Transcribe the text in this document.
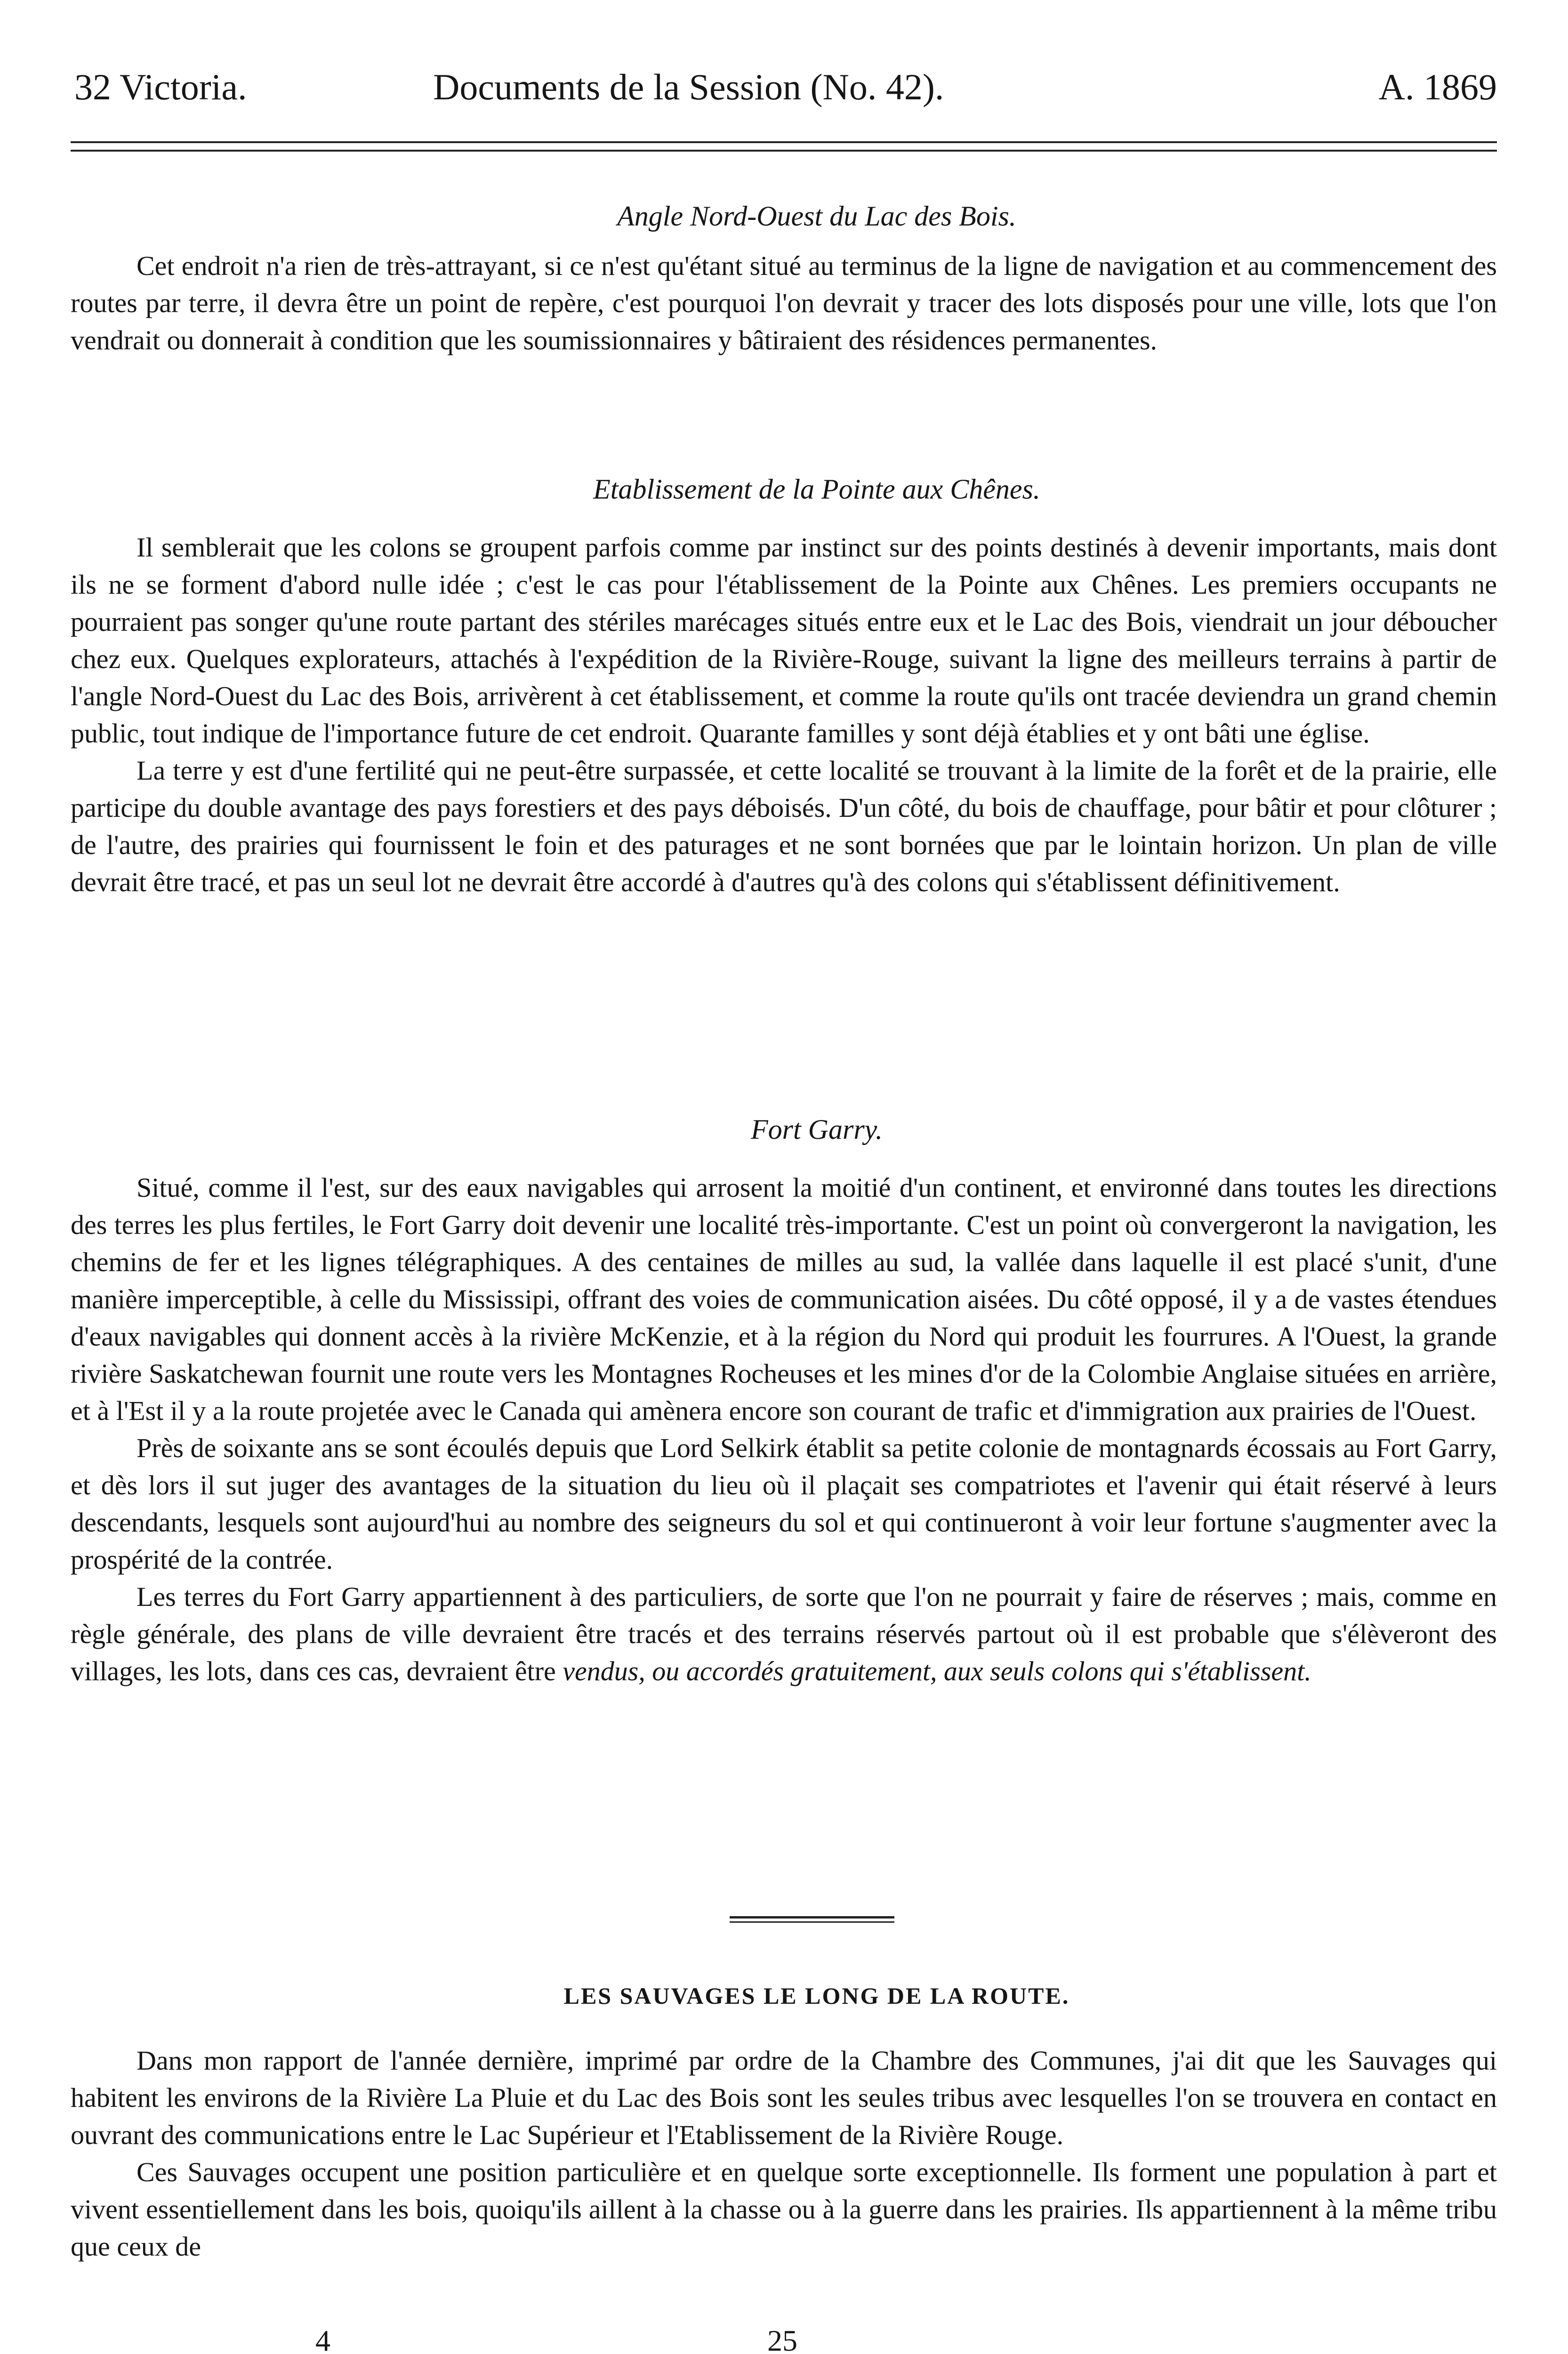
32 Victoria.	Documents de la Session (No. 42).	A. 1869

Angle Nord-Ouest du Lac des Bois.

Cet endroit n'a rien de très-attrayant, si ce n'est qu'étant situé au terminus de la ligne de navigation et au commencement des routes par terre, il devra être un point de repère, c'est pourquoi l'on devrait y tracer des lots disposés pour une ville, lots que l'on vendrait ou donnerait à condition que les soumissionnaires y bâtiraient des résidences permanentes.

Etablissement de la Pointe aux Chênes.

Il semblerait que les colons se groupent parfois comme par instinct sur des points destinés à devenir importants, mais dont ils ne se forment d'abord nulle idée ; c'est le cas pour l'établissement de la Pointe aux Chênes. Les premiers occupants ne pourraient pas songer qu'une route partant des stériles marécages situés entre eux et le Lac des Bois, viendrait un jour déboucher chez eux. Quelques explorateurs, attachés à l'expédition de la Rivière-Rouge, suivant la ligne des meilleurs terrains à partir de l'angle Nord-Ouest du Lac des Bois, arrivèrent à cet établissement, et comme la route qu'ils ont tracée deviendra un grand chemin public, tout indique de l'importance future de cet endroit. Quarante familles y sont déjà établies et y ont bâti une église.

La terre y est d'une fertilité qui ne peut-être surpassée, et cette localité se trouvant à la limite de la forêt et de la prairie, elle participe du double avantage des pays forestiers et des pays déboisés. D'un côté, du bois de chauffage, pour bâtir et pour clôturer ; de l'autre, des prairies qui fournissent le foin et des paturages et ne sont bornées que par le lointain horizon. Un plan de ville devrait être tracé, et pas un seul lot ne devrait être accordé à d'autres qu'à des colons qui s'établissent définitivement.

Fort Garry.

Situé, comme il l'est, sur des eaux navigables qui arrosent la moitié d'un continent, et environné dans toutes les directions des terres les plus fertiles, le Fort Garry doit devenir une localité très-importante. C'est un point où convergeront la navigation, les chemins de fer et les lignes télégraphiques. A des centaines de milles au sud, la vallée dans laquelle il est placé s'unit, d'une manière imperceptible, à celle du Mississipi, offrant des voies de communication aisées. Du côté opposé, il y a de vastes étendues d'eaux navigables qui donnent accès à la rivière McKenzie, et à la région du Nord qui produit les fourrures. A l'Ouest, la grande rivière Saskatchewan fournit une route vers les Montagnes Rocheuses et les mines d'or de la Colombie Anglaise situées en arrière, et à l'Est il y a la route projetée avec le Canada qui amènera encore son courant de trafic et d'immigration aux prairies de l'Ouest.

Près de soixante ans se sont écoulés depuis que Lord Selkirk établit sa petite colonie de montagnards écossais au Fort Garry, et dès lors il sut juger des avantages de la situation du lieu où il plaçait ses compatriotes et l'avenir qui était réservé à leurs descendants, lesquels sont aujourd'hui au nombre des seigneurs du sol et qui continueront à voir leur fortune s'augmenter avec la prospérité de la contrée.

Les terres du Fort Garry appartiennent à des particuliers, de sorte que l'on ne pourrait y faire de réserves ; mais, comme en règle générale, des plans de ville devraient être tracés et des terrains réservés partout où il est probable que s'élèveront des villages, les lots, dans ces cas, devraient être vendus, ou accordés gratuitement, aux seuls colons qui s'établissent.

LES SAUVAGES LE LONG DE LA ROUTE.

Dans mon rapport de l'année dernière, imprimé par ordre de la Chambre des Communes, j'ai dit que les Sauvages qui habitent les environs de la Rivière La Pluie et du Lac des Bois sont les seules tribus avec lesquelles l'on se trouvera en contact en ouvrant des communications entre le Lac Supérieur et l'Etablissement de la Rivière Rouge.

Ces Sauvages occupent une position particulière et en quelque sorte exceptionnelle. Ils forment une population à part et vivent essentiellement dans les bois, quoiqu'ils aillent à la chasse ou à la guerre dans les prairies. Ils appartiennent à la même tribu que ceux de

4	25
